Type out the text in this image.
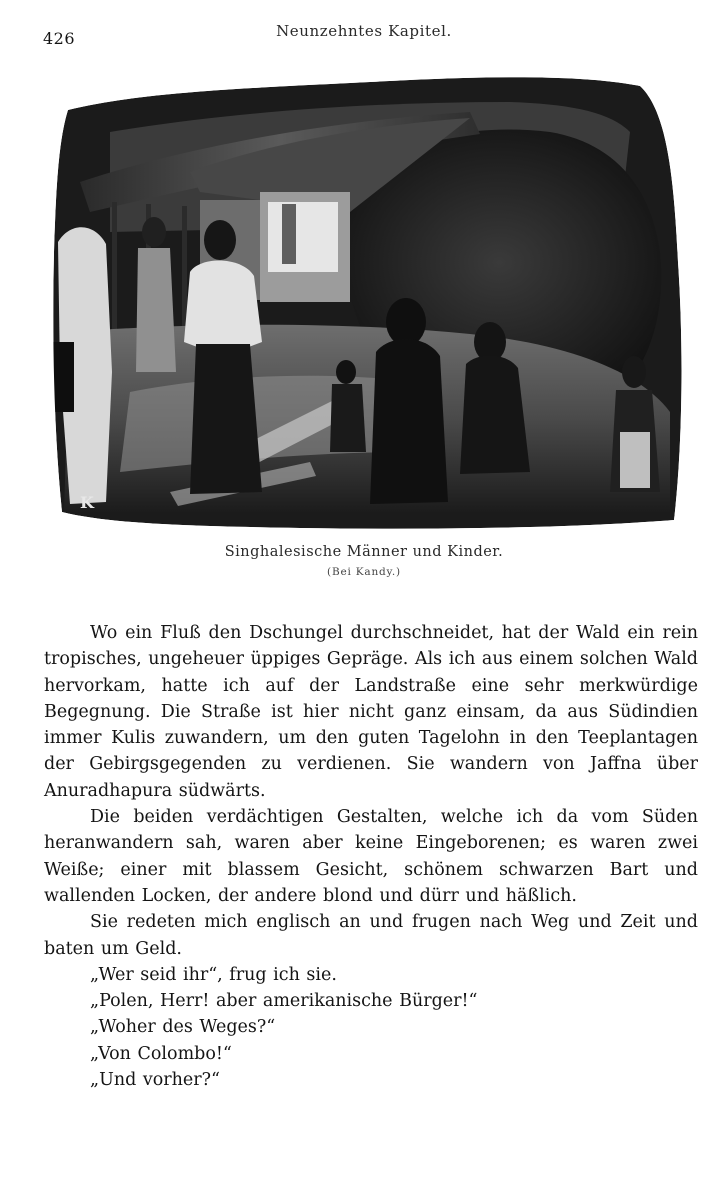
426	Neunzehntes Kapitel.
K
Singhalesische Männer und Kinder.
(Bei Kandy.)

Wo ein Fluß den Dschungel durchschneidet, hat der Wald ein rein tropisches, ungeheuer üppiges Gepräge. Als ich aus einem solchen Wald hervorkam, hatte ich auf der Landstraße eine sehr merkwürdige Begegnung. Die Straße ist hier nicht ganz einsam, da aus Südindien immer Kulis zuwandern, um den guten Tagelohn in den Teeplantagen der Gebirgsgegenden zu verdienen. Sie wandern von Jaffna über Anuradhapura südwärts.

Die beiden verdächtigen Gestalten, welche ich da vom Süden heranwandern sah, waren aber keine Eingeborenen; es waren zwei Weiße; einer mit blassem Gesicht, schönem schwarzen Bart und wallenden Locken, der andere blond und dürr und häßlich.

Sie redeten mich englisch an und frugen nach Weg und Zeit und baten um Geld.

„Wer seid ihr“, frug ich sie.

„Polen, Herr! aber amerikanische Bürger!“

„Woher des Weges?“

„Von Colombo!“

„Und vorher?“
